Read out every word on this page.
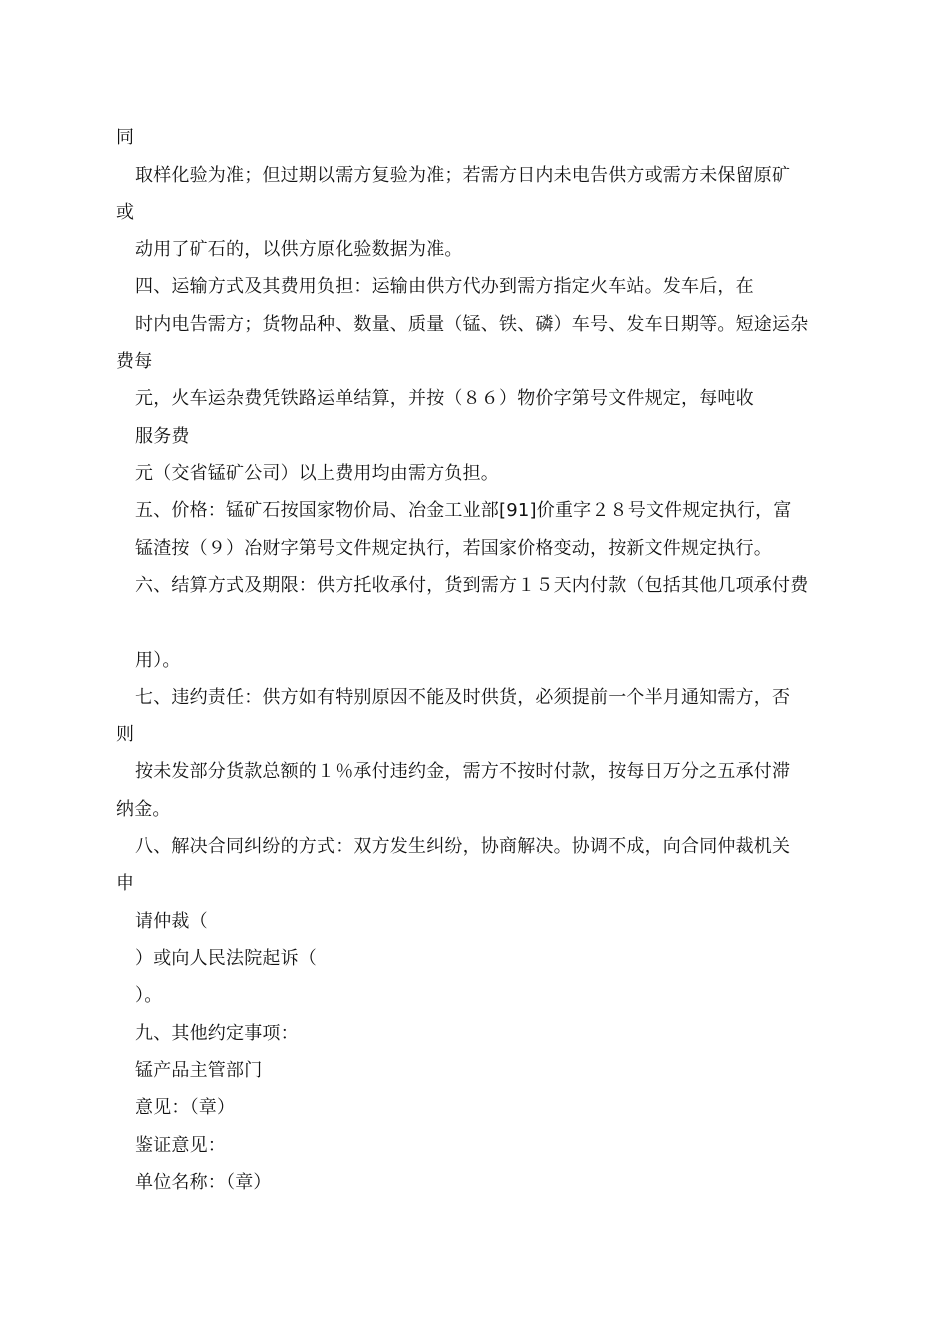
同
取样化验为准；但过期以需方复验为准；若需方日内未电告供方或需方未保留原矿
或
动用了矿石的，以供方原化验数据为准。
四、运输方式及其费用负担：运输由供方代办到需方指定火车站。发车后，在
时内电告需方；货物品种、数量、质量（锰、铁、磷）车号、发车日期等。短途运杂
费每
元，火车运杂费凭铁路运单结算，并按（８６）物价字第号文件规定，每吨收
服务费
元（交省锰矿公司）以上费用均由需方负担。
五、价格：锰矿石按国家物价局、冶金工业部[91]价重字２８号文件规定执行，富
锰渣按（９）冶财字第号文件规定执行，若国家价格变动，按新文件规定执行。
六、结算方式及期限：供方托收承付，货到需方１５天内付款（包括其他几项承付费
用）。
七、违约责任：供方如有特别原因不能及时供货，必须提前一个半月通知需方，否
则
按未发部分货款总额的１％承付违约金，需方不按时付款，按每日万分之五承付滞
纳金。
八、解决合同纠纷的方式：双方发生纠纷，协商解决。协调不成，向合同仲裁机关
申
请仲裁（
）或向人民法院起诉（
）。
九、其他约定事项：
锰产品主管部门
意见：（章）
鉴证意见：
单位名称：（章）
